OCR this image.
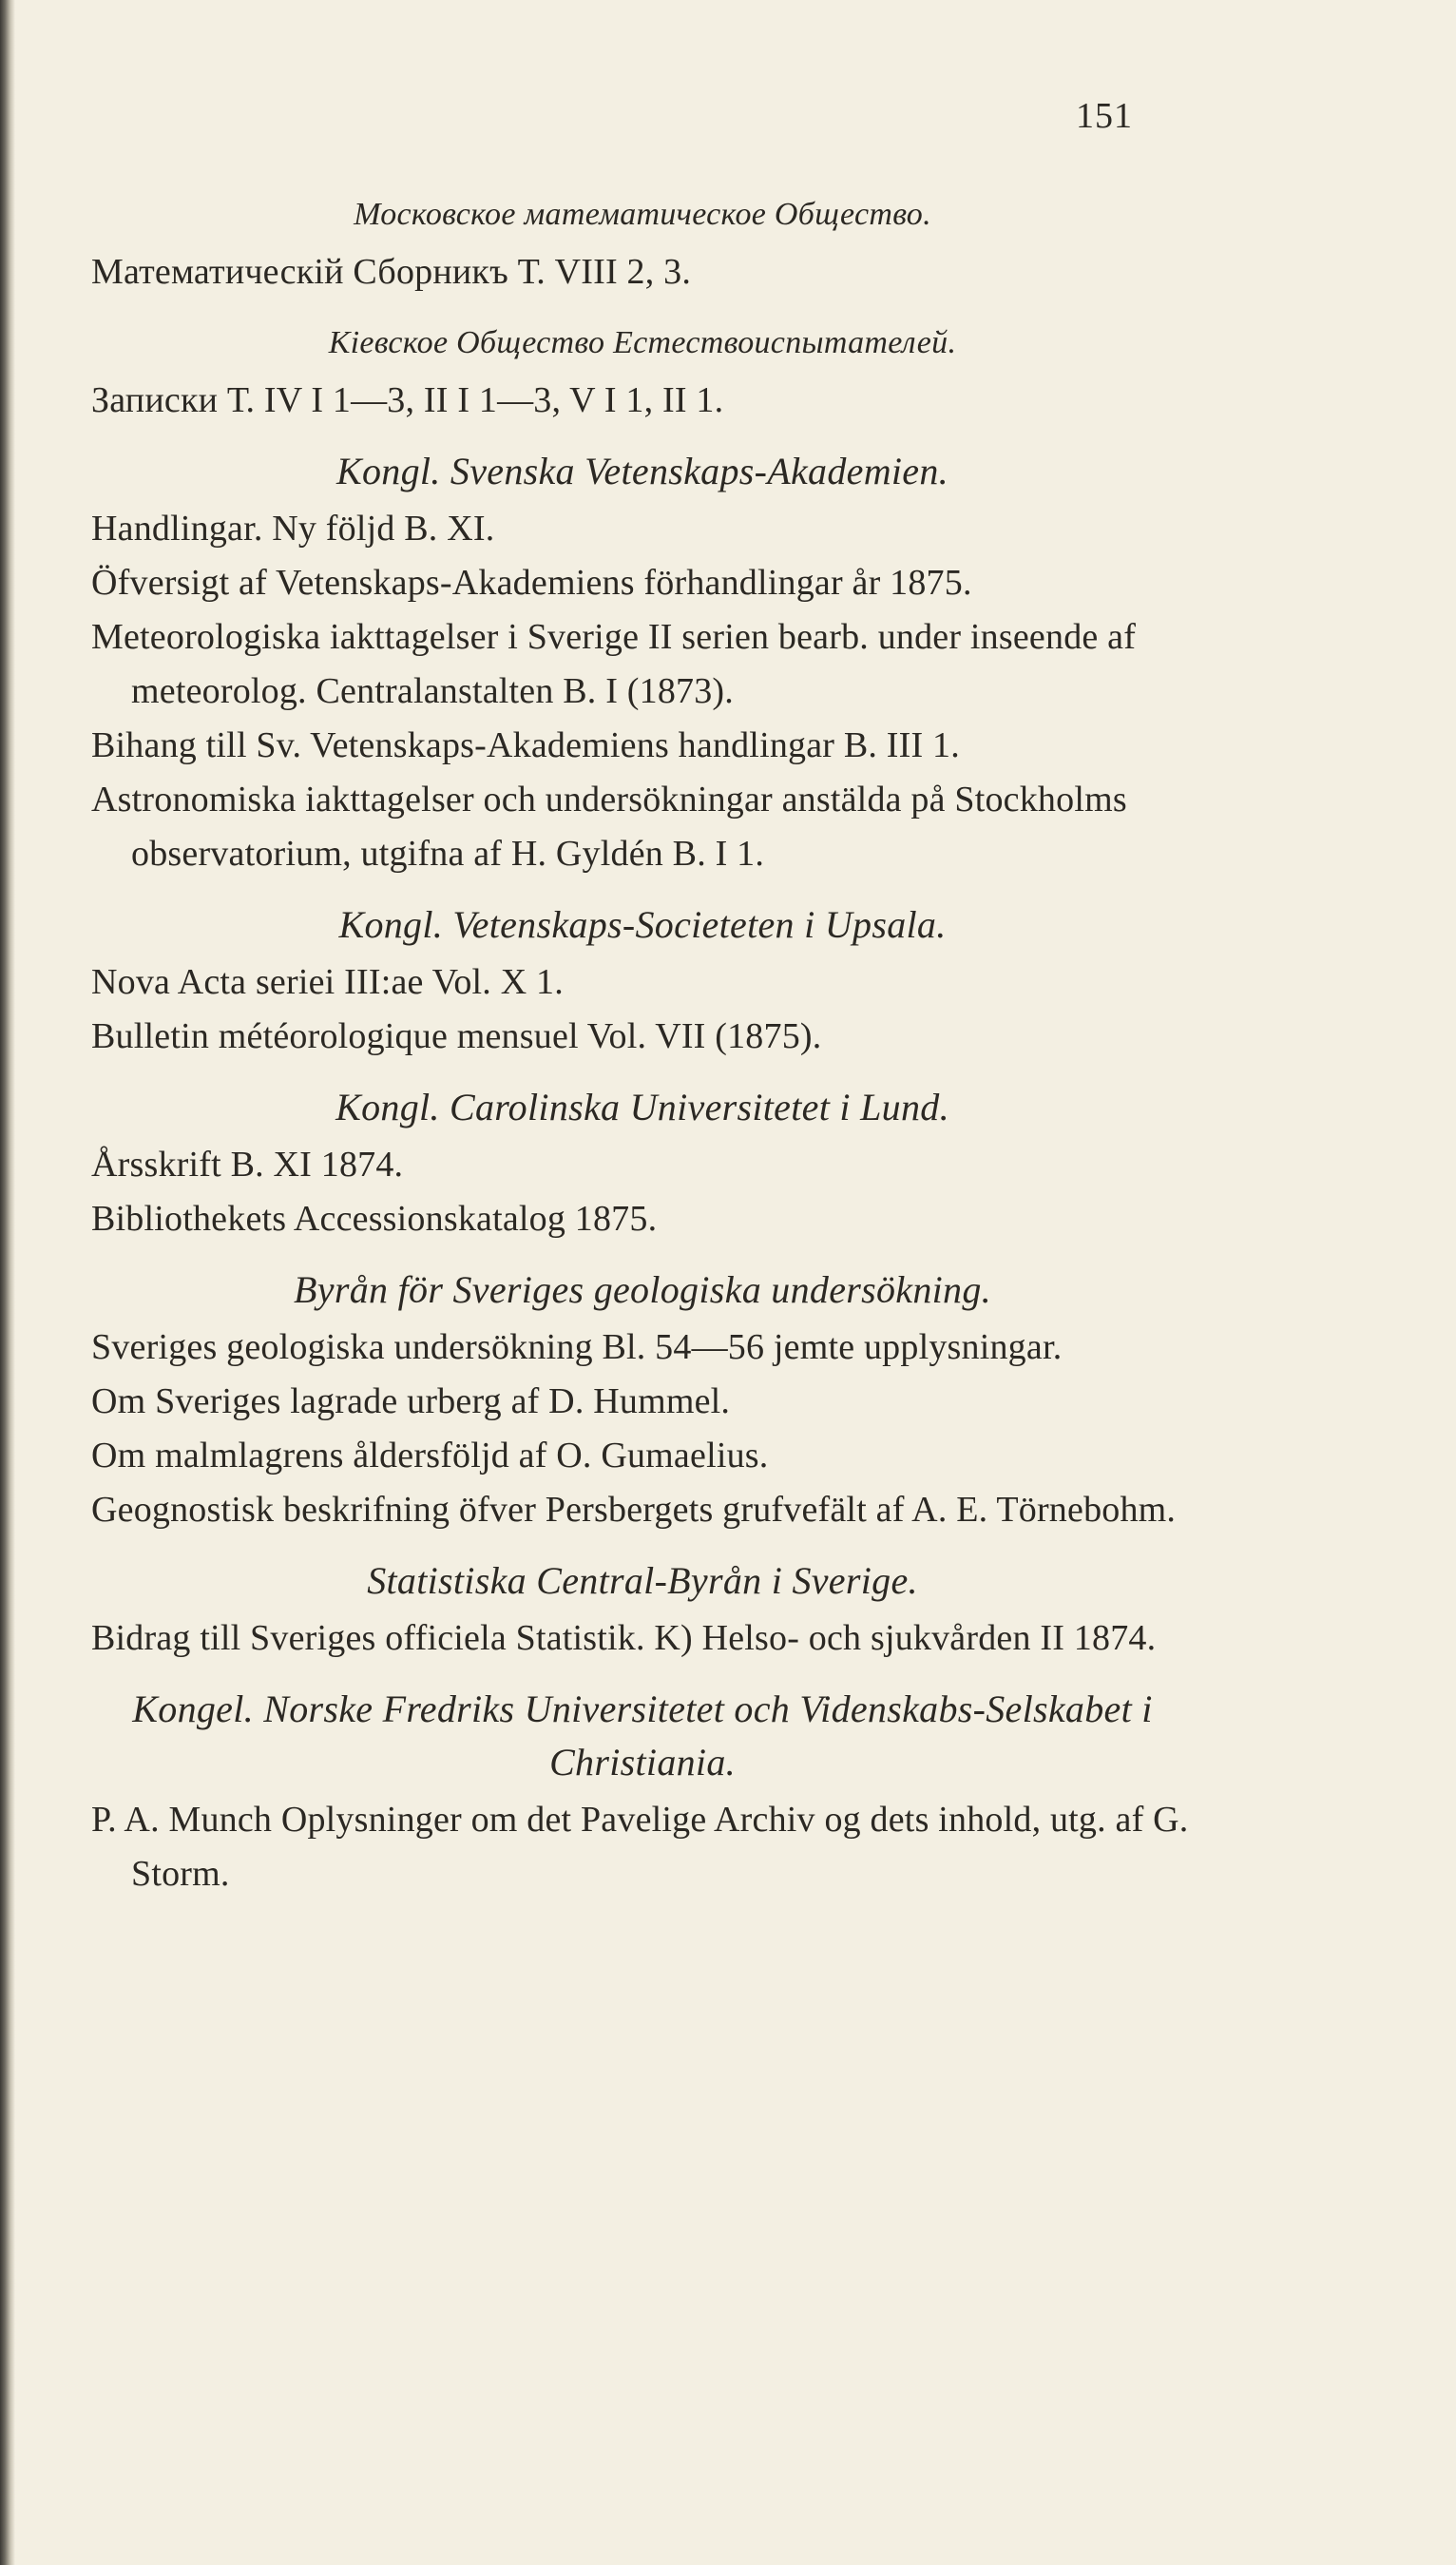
151
Московское математическое Общество.
Математическiй Сборникъ Т. VIII 2, 3.
Кiевское Общество Естествоиспытателей.
Записки Т. IV I 1—3, II I 1—3, V I 1, II 1.
Kongl. Svenska Vetenskaps-Akademien.
Handlingar. Ny följd B. XI.
Öfversigt af Vetenskaps-Akademiens förhandlingar år 1875.
Meteorologiska iakttagelser i Sverige II serien bearb. under inseende af meteorolog. Centralanstalten B. I (1873).
Bihang till Sv. Vetenskaps-Akademiens handlingar B. III 1.
Astronomiska iakttagelser och undersökningar anstälda på Stockholms observatorium, utgifna af H. Gyldén B. I 1.
Kongl. Vetenskaps-Societeten i Upsala.
Nova Acta seriei III:ae Vol. X 1.
Bulletin météorologique mensuel Vol. VII (1875).
Kongl. Carolinska Universitetet i Lund.
Årsskrift B. XI 1874.
Bibliothekets Accessionskatalog 1875.
Byrån för Sveriges geologiska undersökning.
Sveriges geologiska undersökning Bl. 54—56 jemte upplysningar.
Om Sveriges lagrade urberg af D. Hummel.
Om malmlagrens åldersföljd af O. Gumaelius.
Geognostisk beskrifning öfver Persbergets grufvefält af A. E. Törnebohm.
Statistiska Central-Byrån i Sverige.
Bidrag till Sveriges officiela Statistik. K) Helso- och sjukvården II 1874.
Kongel. Norske Fredriks Universitetet och Videnskabs-Selskabet i Christiania.
P. A. Munch Oplysninger om det Pavelige Archiv og dets inhold, utg. af G. Storm.
